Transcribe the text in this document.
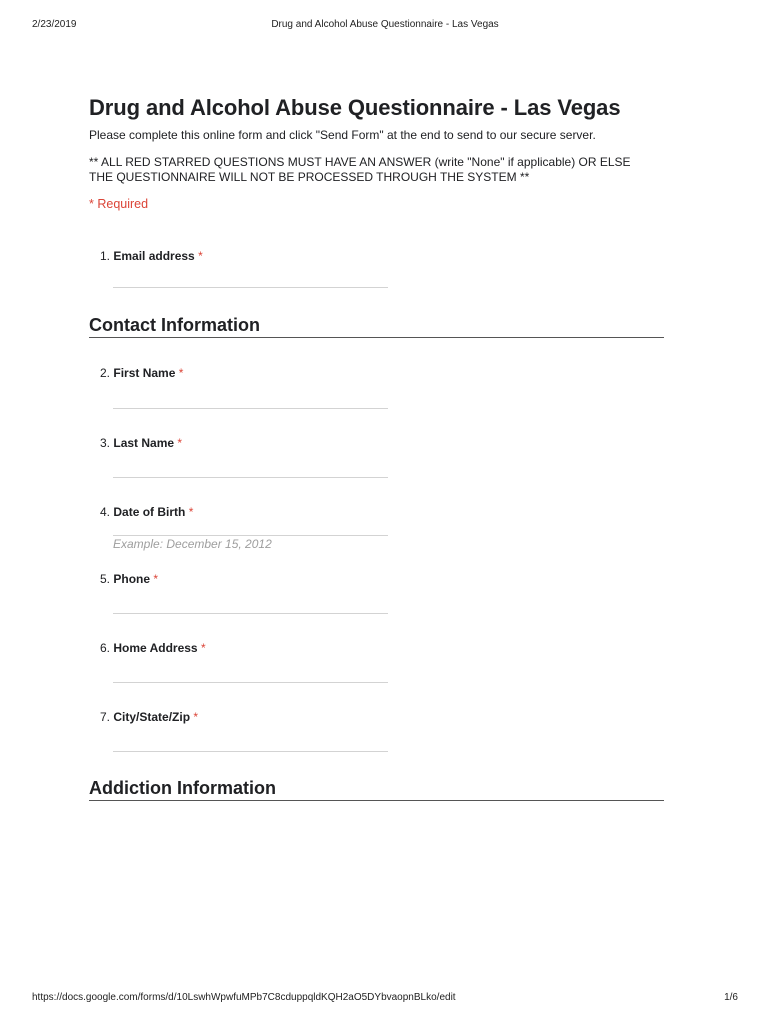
2/23/2019	Drug and Alcohol Abuse Questionnaire - Las Vegas
Drug and Alcohol Abuse Questionnaire - Las Vegas

Please complete this online form and click "Send Form" at the end to send to our secure server.

** ALL RED STARRED QUESTIONS MUST HAVE AN ANSWER (write "None" if applicable) OR ELSE
THE QUESTIONNAIRE WILL NOT BE PROCESSED THROUGH THE SYSTEM **

* Required

1. Email address *
Contact Information
2. First Name *
3. Last Name *
4. Date of Birth *
Example: December 15, 2012
5. Phone *
6. Home Address *
7. City/State/Zip *
Addiction Information
https://docs.google.com/forms/d/10LswhWpwfuMPb7C8cduppqldKQH2aO5DYbvaopnBLko/edit	1/6
